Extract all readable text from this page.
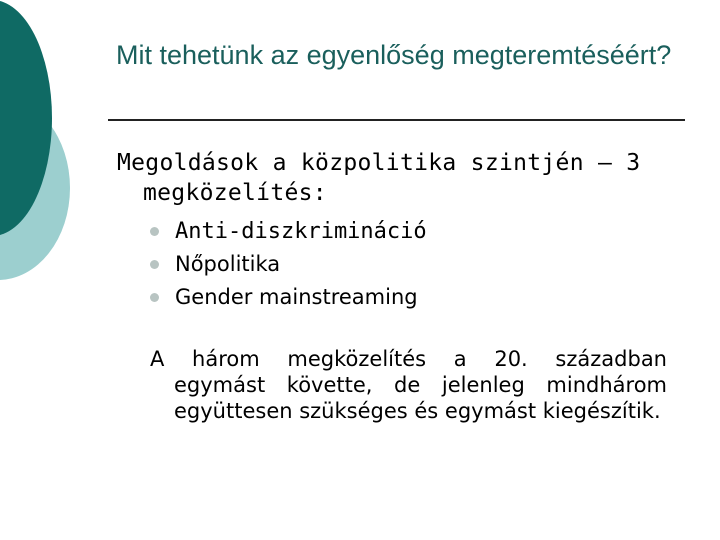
Mit tehetünk az egyenlőség megteremtéséért?
Megoldások a közpolitika szintjén – 3
megközelítés:
Anti-diszkrimináció
Nőpolitika
Gender mainstreaming
A három megközelítés a 20. században
egymást követte, de jelenleg mindhárom együttesen szükséges és egymást kiegészítik.
